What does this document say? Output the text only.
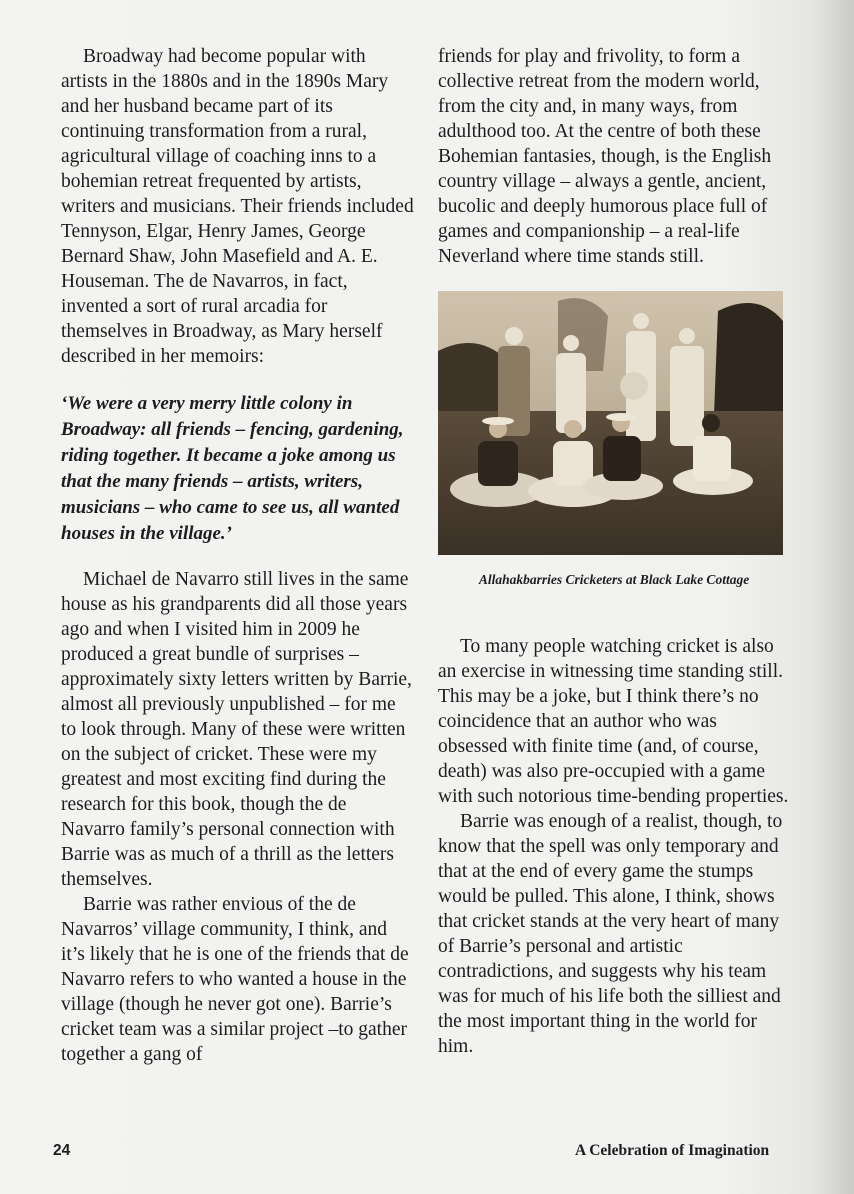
Broadway had become popular with artists in the 1880s and in the 1890s Mary and her husband became part of its continuing transformation from a rural, agricultural village of coaching inns to a bohemian retreat frequented by artists, writers and musicians. Their friends included Tennyson, Elgar, Henry James, George Bernard Shaw, John Masefield and A. E. Houseman. The de Navarros, in fact, invented a sort of rural arcadia for themselves in Broadway, as Mary herself described in her memoirs:

‘We were a very merry little colony in Broadway: all friends – fencing, gardening, riding together. It became a joke among us that the many friends – artists, writers, musicians – who came to see us, all wanted houses in the village.’

Michael de Navarro still lives in the same house as his grandparents did all those years ago and when I visited him in 2009 he produced a great bundle of surprises – approximately sixty letters written by Barrie, almost all previously unpublished – for me to look through. Many of these were written on the subject of cricket. These were my greatest and most exciting find during the research for this book, though the de Navarro family’s personal connection with Barrie was as much of a thrill as the letters themselves.

Barrie was rather envious of the de Navarros’ village community, I think, and it’s likely that he is one of the friends that de Navarro refers to who wanted a house in the village (though he never got one). Barrie’s cricket team was a similar project –to gather together a gang of

friends for play and frivolity, to form a collective retreat from the modern world, from the city and, in many ways, from adulthood too. At the centre of both these Bohemian fantasies, though, is the English country village – always a gentle, ancient, bucolic and deeply humorous place full of games and companionship – a real-life Neverland where time stands still.

Allahakbarries Cricketers at Black Lake Cottage

To many people watching cricket is also an exercise in witnessing time standing still. This may be a joke, but I think there’s no coincidence that an author who was obsessed with finite time (and, of course, death) was also pre-occupied with a game with such notorious time-bending properties.

Barrie was enough of a realist, though, to know that the spell was only temporary and that at the end of every game the stumps would be pulled. This alone, I think, shows that cricket stands at the very heart of many of Barrie’s personal and artistic contradictions, and suggests why his team was for much of his life both the silliest and the most important thing in the world for him.

24	A Celebration of Imagination
